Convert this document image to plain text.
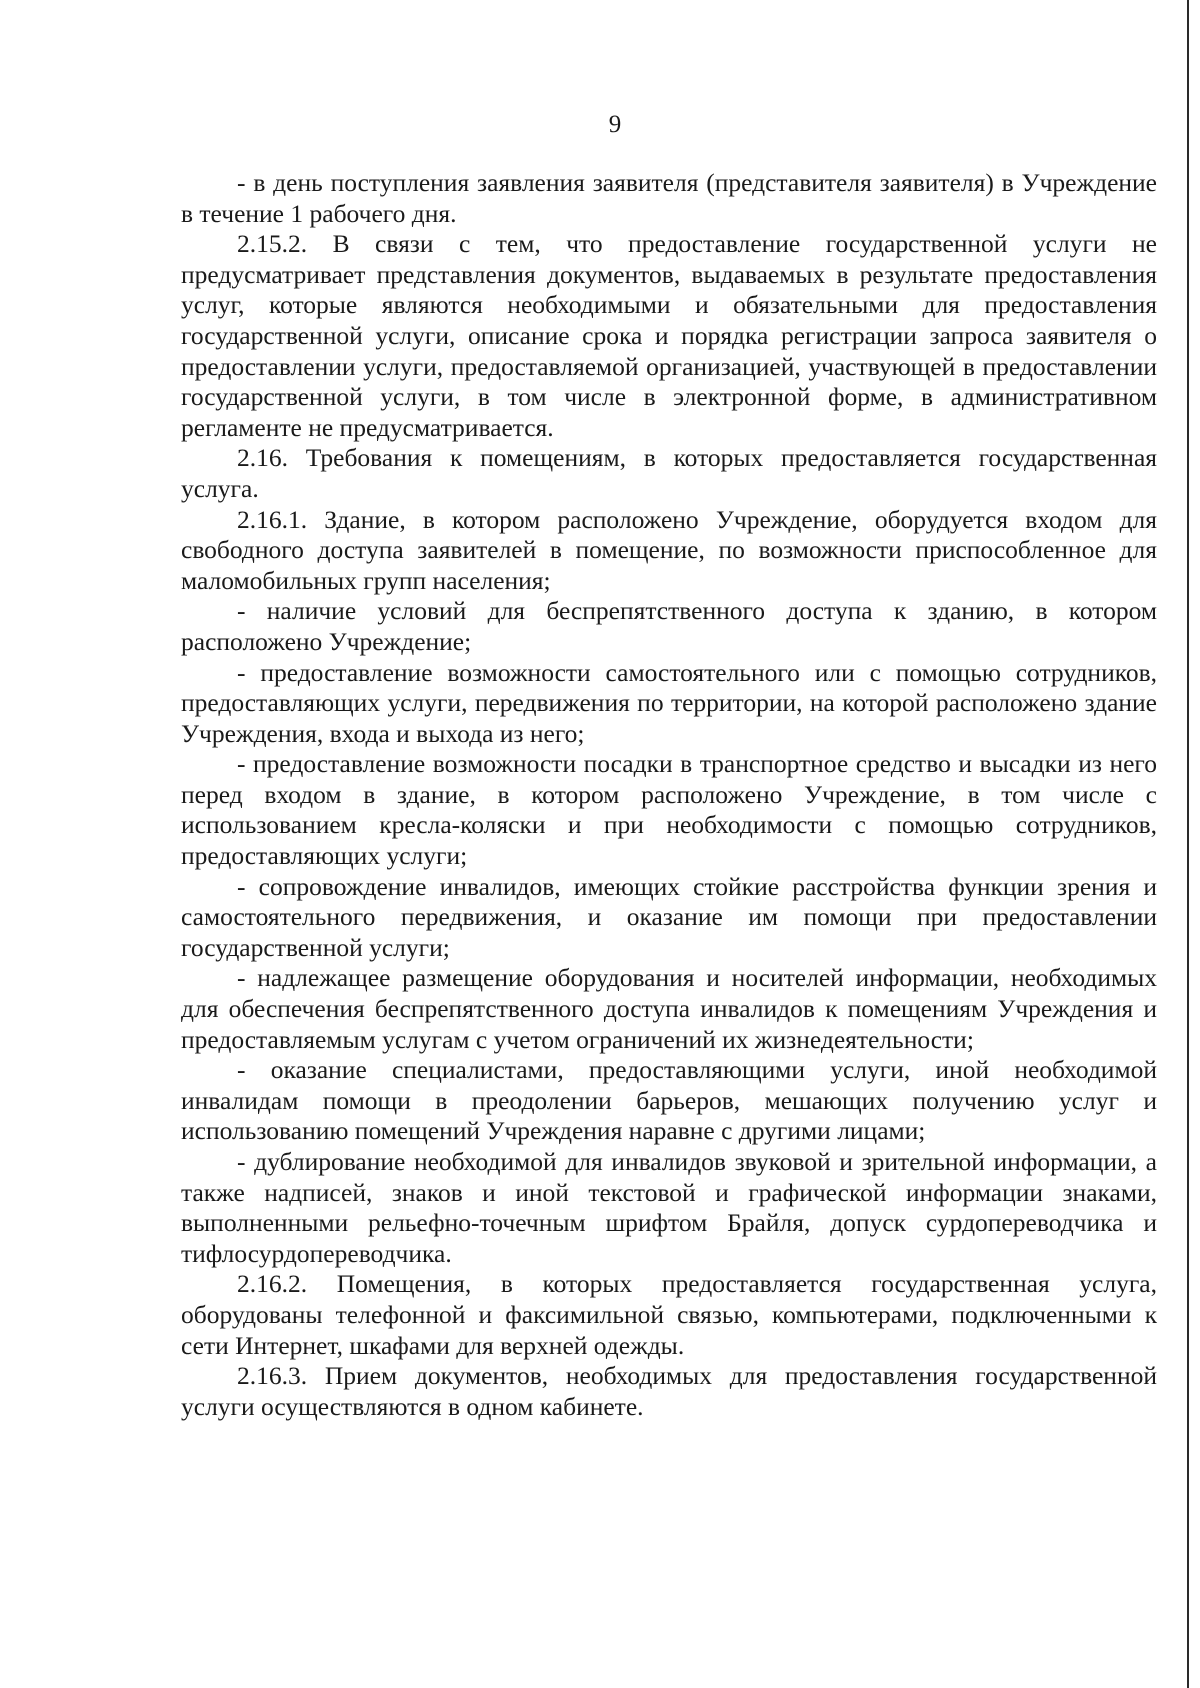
9

- в день поступления заявления заявителя (представителя заявителя) в Учреждение в течение 1 рабочего дня.

2.15.2. В связи с тем, что предоставление государственной услуги не предусматривает представления документов, выдаваемых в результате предоставления услуг, которые являются необходимыми и обязательными для предоставления государственной услуги, описание срока и порядка регистрации запроса заявителя о предоставлении услуги, предоставляемой организацией, участвующей в предоставлении государственной услуги, в том числе в электронной форме, в административном регламенте не предусматривается.

2.16. Требования к помещениям, в которых предоставляется государственная услуга.

2.16.1. Здание, в котором расположено Учреждение, оборудуется входом для свободного доступа заявителей в помещение, по возможности приспособленное для маломобильных групп населения;

- наличие условий для беспрепятственного доступа к зданию, в котором расположено Учреждение;

- предоставление возможности самостоятельного или с помощью сотрудников, предоставляющих услуги, передвижения по территории, на которой расположено здание Учреждения, входа и выхода из него;

- предоставление возможности посадки в транспортное средство и высадки из него перед входом в здание, в котором расположено Учреждение, в том числе с использованием кресла-коляски и при необходимости с помощью сотрудников, предоставляющих услуги;

- сопровождение инвалидов, имеющих стойкие расстройства функции зрения и самостоятельного передвижения, и оказание им помощи при предоставлении государственной услуги;

- надлежащее размещение оборудования и носителей информации, необходимых для обеспечения беспрепятственного доступа инвалидов к помещениям Учреждения и предоставляемым услугам с учетом ограничений их жизнедеятельности;

- оказание специалистами, предоставляющими услуги, иной необходимой инвалидам помощи в преодолении барьеров, мешающих получению услуг и использованию помещений Учреждения наравне с другими лицами;

- дублирование необходимой для инвалидов звуковой и зрительной информации, а также надписей, знаков и иной текстовой и графической информации знаками, выполненными рельефно-точечным шрифтом Брайля, допуск сурдопереводчика и тифлосурдопереводчика.

2.16.2. Помещения, в которых предоставляется государственная услуга, оборудованы телефонной и факсимильной связью, компьютерами, подключенными к сети Интернет, шкафами для верхней одежды.

2.16.3. Прием документов, необходимых для предоставления государственной услуги осуществляются в одном кабинете.
